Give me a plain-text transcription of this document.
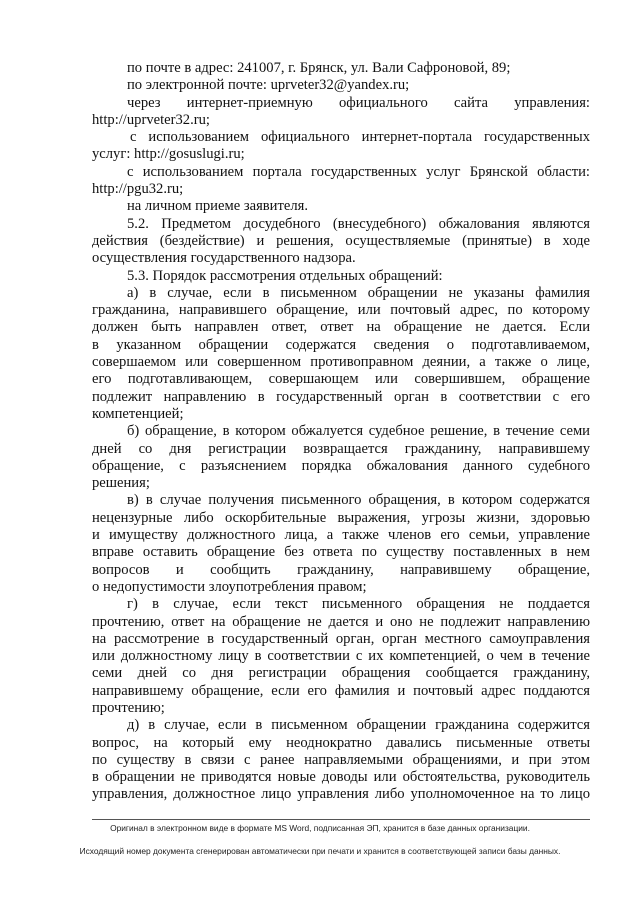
по почте в адрес: 241007, г. Брянск, ул. Вали Сафроновой, 89;
по электронной почте: uprveter32@yandex.ru;
через интернет-приемную официального сайта управления:
http://uprveter32.ru;
с использованием официального интернет-портала государственных
услуг: http://gosuslugi.ru;
с использованием портала государственных услуг Брянской области:
http://pgu32.ru;
на личном приеме заявителя.
5.2. Предметом досудебного (внесудебного) обжалования являются
действия (бездействие) и решения, осуществляемые (принятые) в ходе
осуществления государственного надзора.
5.3. Порядок рассмотрения отдельных обращений:
а) в случае, если в письменном обращении не указаны фамилия
гражданина, направившего обращение, или почтовый адрес, по которому
должен быть направлен ответ, ответ на обращение не дается. Если
в указанном обращении содержатся сведения о подготавливаемом,
совершаемом или совершенном противоправном деянии, а также о лице,
его подготавливающем, совершающем или совершившем, обращение
подлежит направлению в государственный орган в соответствии с его
компетенцией;
б) обращение, в котором обжалуется судебное решение, в течение семи
дней со дня регистрации возвращается гражданину, направившему
обращение, с разъяснением порядка обжалования данного судебного
решения;
в) в случае получения письменного обращения, в котором содержатся
нецензурные либо оскорбительные выражения, угрозы жизни, здоровью
и имуществу должностного лица, а также членов его семьи, управление
вправе оставить обращение без ответа по существу поставленных в нем
вопросов и сообщить гражданину, направившему обращение,
о недопустимости злоупотребления правом;
г) в случае, если текст письменного обращения не поддается
прочтению, ответ на обращение не дается и оно не подлежит направлению
на рассмотрение в государственный орган, орган местного самоуправления
или должностному лицу в соответствии с их компетенцией, о чем в течение
семи дней со дня регистрации обращения сообщается гражданину,
направившему обращение, если его фамилия и почтовый адрес поддаются
прочтению;
д) в случае, если в письменном обращении гражданина содержится
вопрос, на который ему неоднократно давались письменные ответы
по существу в связи с ранее направляемыми обращениями, и при этом
в обращении не приводятся новые доводы или обстоятельства, руководитель
управления, должностное лицо управления либо уполномоченное на то лицо
Оригинал в электронном виде в формате MS Word, подписанная ЭП, хранится в базе данных организации.
Исходящий номер документа сгенерирован автоматически при печати и хранится в соответствующей записи базы данных.
